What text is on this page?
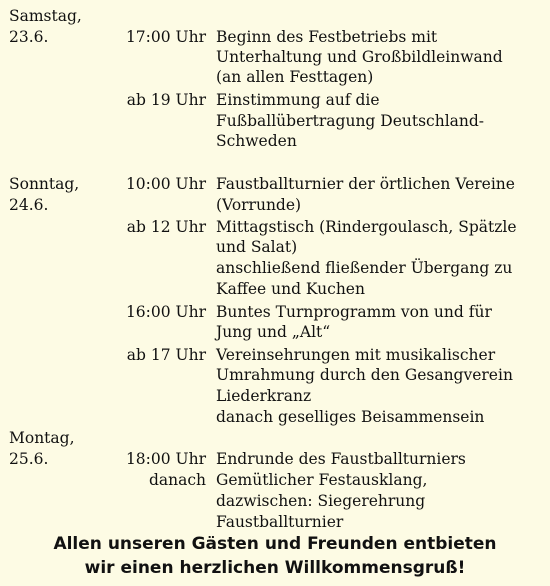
Samstag,
23.6.	17:00 Uhr Beginn des Festbetriebs mit
Unterhaltung und Großbildleinwand
(an allen Festtagen)
ab 19 Uhr Einstimmung auf die
Fußballübertragung Deutschland-
Schweden
Sonntag,
24.6.
10:00 Uhr Faustballturnier der örtlichen Vereine
(Vorrunde)
ab 12 Uhr Mittagstisch (Rindergoulasch, Spätzle
und Salat)
anschließend fließender Übergang zu
Kaffee und Kuchen
16:00 Uhr Buntes Turnprogramm von und für
Jung und „Alt“
ab 17 Uhr Vereinsehrungen mit musikalischer
Umrahmung durch den Gesangverein
Liederkranz
danach geselliges Beisammensein
Montag,
25.6.	18:00 Uhr Endrunde des Faustballturniers
danach Gemütlicher Festausklang,
dazwischen: Siegerehrung
Faustballturnier
Allen unseren Gästen und Freunden entbieten
wir einen herzlichen Willkommensgruß!
